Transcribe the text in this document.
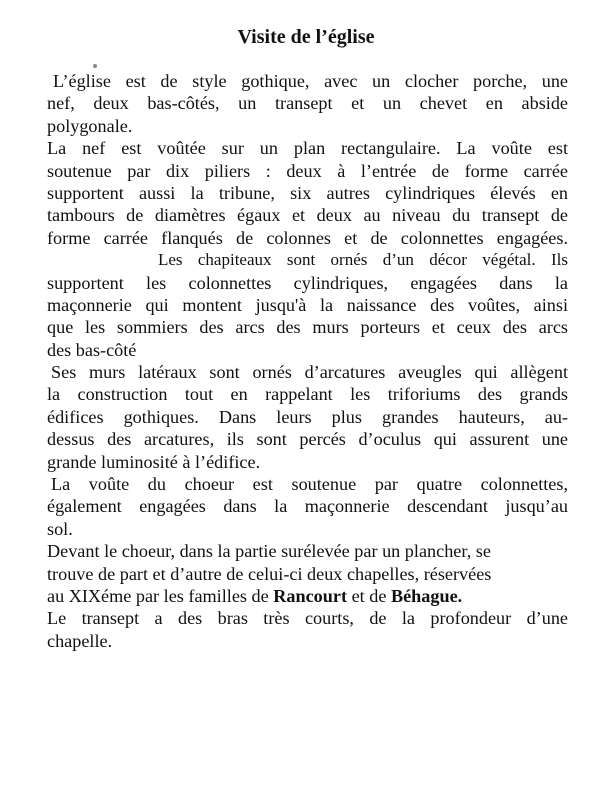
Visite de l’église
L’église est de style gothique, avec un clocher porche, une
nef, deux bas-côtés, un transept et un chevet en abside
polygonale.
La nef est voûtée sur un plan rectangulaire. La voûte est
soutenue par dix piliers : deux à l’entrée de forme carrée
supportent aussi la tribune, six autres cylindriques élevés en
tambours de diamètres égaux et deux au niveau du transept de
forme carrée flanqués de colonnes et de colonnettes engagées.
Les chapiteaux sont ornés d’un décor végétal. Ils
supportent les colonnettes cylindriques, engagées dans la
maçonnerie qui montent jusqu'à la naissance des voûtes, ainsi
que les sommiers des arcs des murs porteurs et ceux des arcs
des bas-côté
Ses murs latéraux sont ornés d’arcatures aveugles qui allègent
la construction tout en rappelant les triforiums des grands
édifices gothiques. Dans leurs plus grandes hauteurs, au-
dessus des arcatures, ils sont percés d’oculus qui assurent une
grande luminosité à l’édifice.
La voûte du choeur est soutenue par quatre colonnettes,
également engagées dans la maçonnerie descendant jusqu’au
sol.
Devant le choeur, dans la partie surélevée par un plancher, se
trouve de part et d’autre de celui-ci deux chapelles, réservées
au XIXéme par les familles de Rancourt et de Béhague.
Le transept a des bras très courts, de la profondeur d’une
chapelle.
